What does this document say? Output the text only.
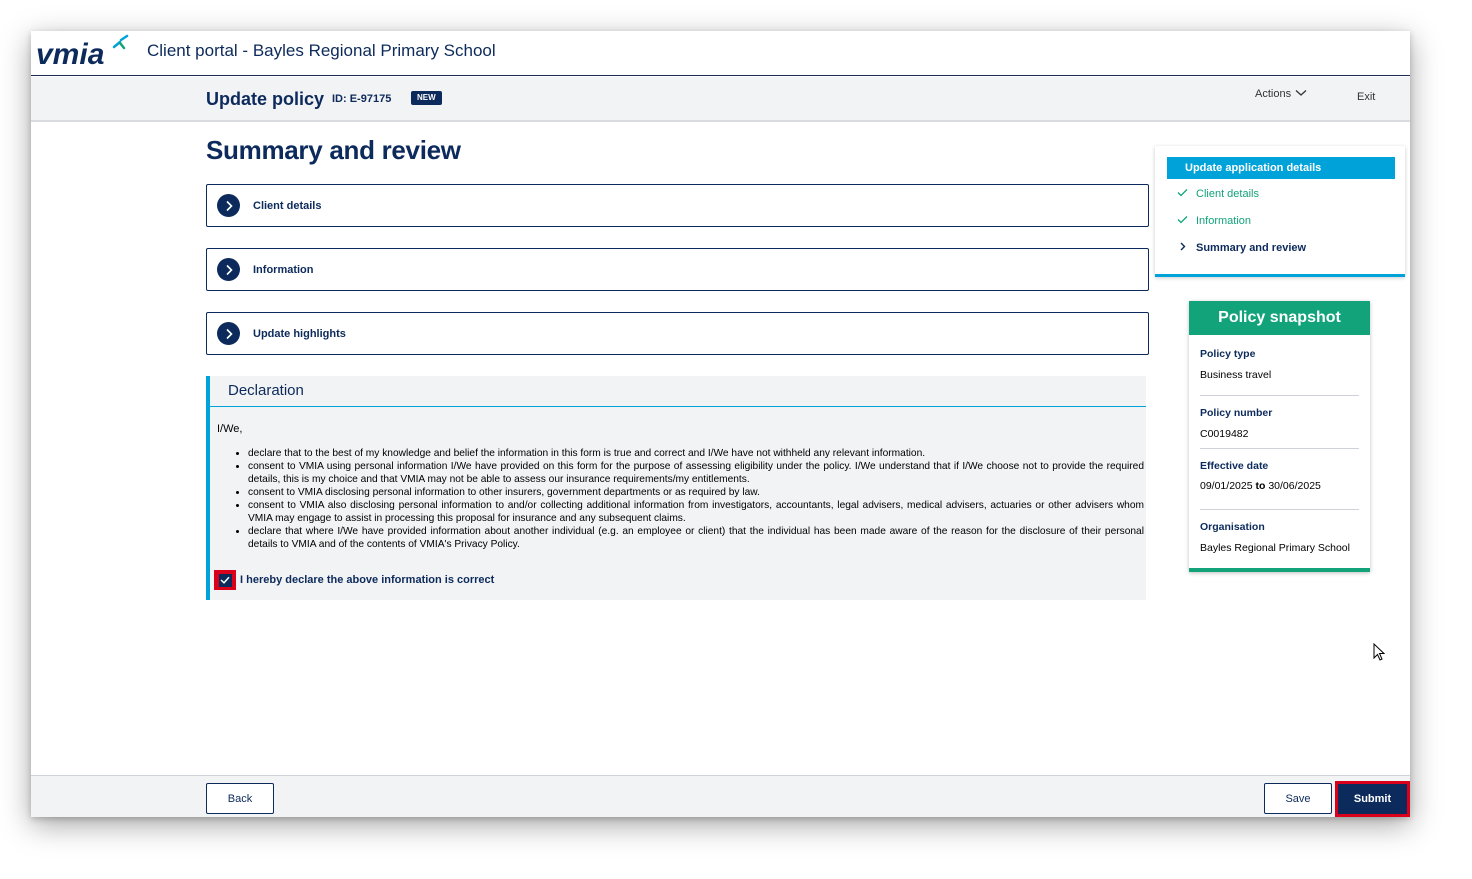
vmia	Client portal - Bayles Regional Primary School
Update policy ID: E-97175	NEW	Actions	Exit
Summary and review
Client details
Information
Update highlights
Declaration
I/We,
• declare that to the best of my knowledge and belief the information in this form is true and correct and I/We have not withheld any relevant information.
• consent to VMIA using personal information I/We have provided on this form for the purpose of assessing eligibility under the policy. I/We understand that if I/We choose not to provide the required details, this is my choice and that VMIA may not be able to assess our insurance requirements/my entitlements.
• consent to VMIA disclosing personal information to other insurers, government departments or as required by law.
• consent to VMIA also disclosing personal information to and/or collecting additional information from investigators, accountants, legal advisers, medical advisers, actuaries or other advisers whom VMIA may engage to assist in processing this proposal for insurance and any subsequent claims.
• declare that where I/We have provided information about another individual (e.g. an employee or client) that the individual has been made aware of the reason for the disclosure of their personal details to VMIA and of the contents of VMIA's Privacy Policy.
I hereby declare the above information is correct
Update application details
Client details
Information
Summary and review
Policy snapshot
Policy type
Business travel
Policy number
C0019482
Effective date
09/01/2025 to 30/06/2025
Organisation
Bayles Regional Primary School
Back	Save	Submit
